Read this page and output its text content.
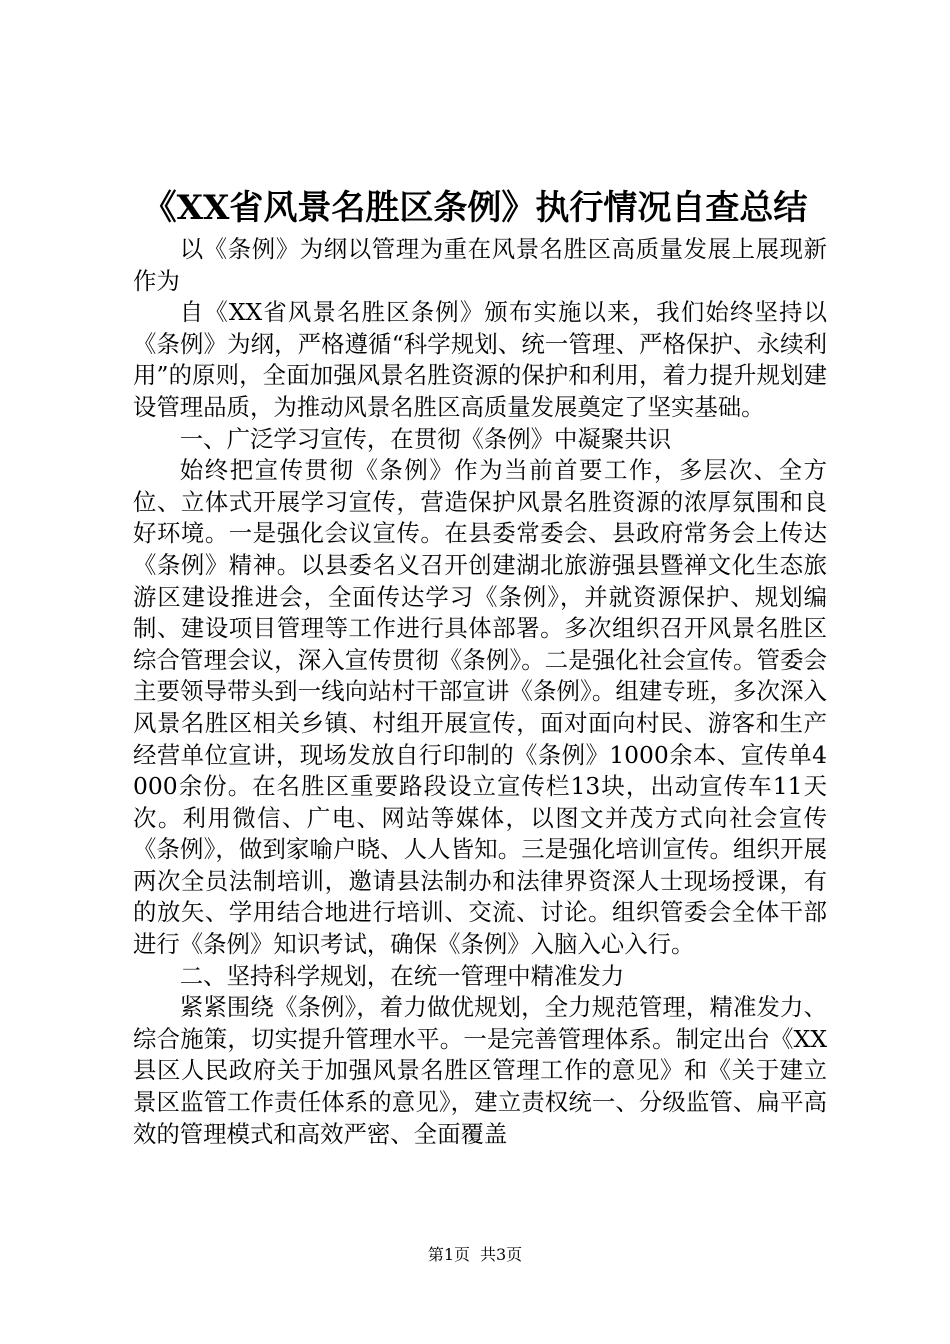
《XX省风景名胜区条例》执行情况自查总结

以《条例》为纲以管理为重在风景名胜区高质量发展上展现新作为

自《XX省风景名胜区条例》颁布实施以来，我们始终坚持以《条例》为纲，严格遵循“科学规划、统一管理、严格保护、永续利用”的原则，全面加强风景名胜资源的保护和利用，着力提升规划建设管理品质，为推动风景名胜区高质量发展奠定了坚实基础。

一、广泛学习宣传，在贯彻《条例》中凝聚共识

始终把宣传贯彻《条例》作为当前首要工作，多层次、全方位、立体式开展学习宣传，营造保护风景名胜资源的浓厚氛围和良好环境。一是强化会议宣传。在县委常委会、县政府常务会上传达《条例》精神。以县委名义召开创建湖北旅游强县暨禅文化生态旅游区建设推进会，全面传达学习《条例》，并就资源保护、规划编制、建设项目管理等工作进行具体部署。多次组织召开风景名胜区综合管理会议，深入宣传贯彻《条例》。二是强化社会宣传。管委会主要领导带头到一线向站村干部宣讲《条例》。组建专班，多次深入风景名胜区相关乡镇、村组开展宣传，面对面向村民、游客和生产经营单位宣讲，现场发放自行印制的《条例》1000余本、宣传单4000余份。在名胜区重要路段设立宣传栏13块，出动宣传车11天次。利用微信、广电、网站等媒体，以图文并茂方式向社会宣传《条例》，做到家喻户晓、人人皆知。三是强化培训宣传。组织开展两次全员法制培训，邀请县法制办和法律界资深人士现场授课，有的放矢、学用结合地进行培训、交流、讨论。组织管委会全体干部进行《条例》知识考试，确保《条例》入脑入心入行。

二、坚持科学规划，在统一管理中精准发力

紧紧围绕《条例》，着力做优规划，全力规范管理，精准发力、综合施策，切实提升管理水平。一是完善管理体系。制定出台《XX县区人民政府关于加强风景名胜区管理工作的意见》和《关于建立景区监管工作责任体系的意见》，建立责权统一、分级监管、扁平高效的管理模式和高效严密、全面覆盖

第1页 共3页
